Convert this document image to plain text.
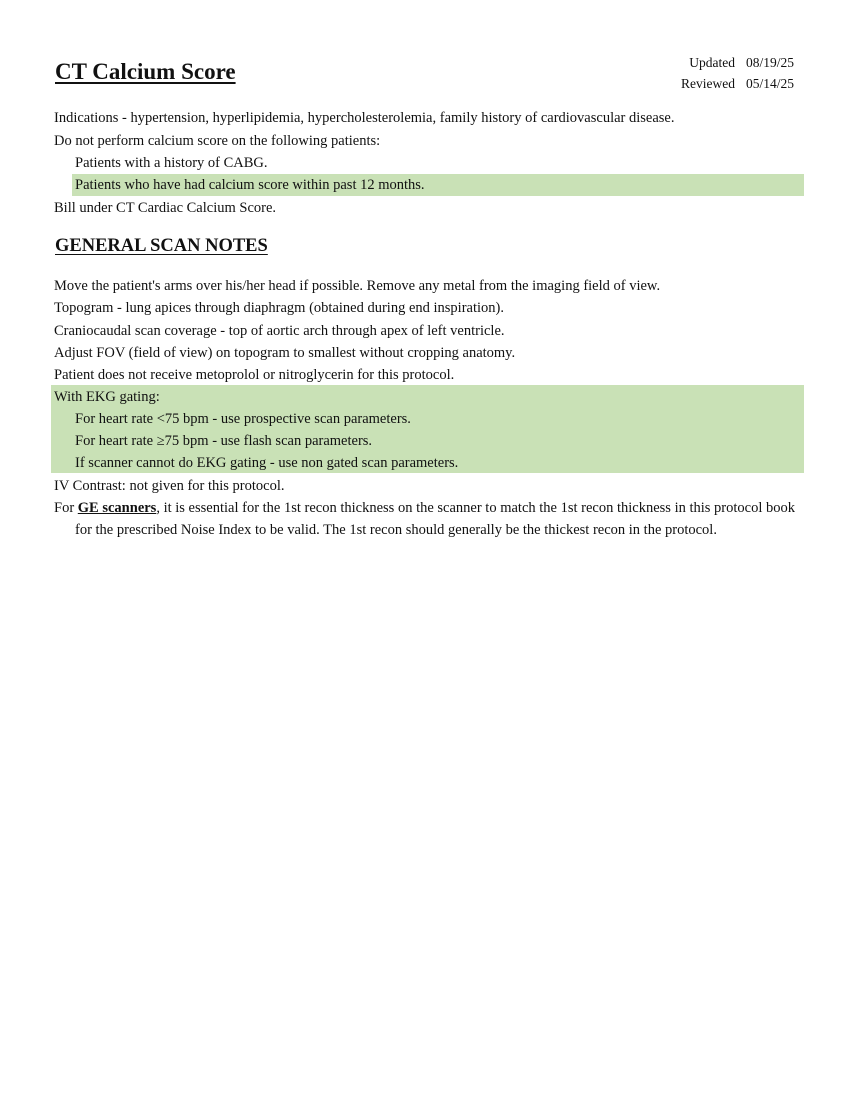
CT Calcium Score	Updated 08/19/25
Reviewed 05/14/25
Indications - hypertension, hyperlipidemia, hypercholesterolemia, family history of cardiovascular disease.
Do not perform calcium score on the following patients:
Patients with a history of CABG.
Patients who have had calcium score within past 12 months.
Bill under CT Cardiac Calcium Score.
GENERAL SCAN NOTES
Move the patient's arms over his/her head if possible. Remove any metal from the imaging field of view.
Topogram - lung apices through diaphragm (obtained during end inspiration).
Craniocaudal scan coverage - top of aortic arch through apex of left ventricle.
Adjust FOV (field of view) on topogram to smallest without cropping anatomy.
Patient does not receive metoprolol or nitroglycerin for this protocol.
With EKG gating:
For heart rate <75 bpm - use prospective scan parameters.
For heart rate ≥75 bpm - use flash scan parameters.
If scanner cannot do EKG gating - use non gated scan parameters.
IV Contrast: not given for this protocol.
For GE scanners, it is essential for the 1st recon thickness on the scanner to match the 1st recon thickness in this protocol book for the prescribed Noise Index to be valid. The 1st recon should generally be the thickest recon in the protocol.
